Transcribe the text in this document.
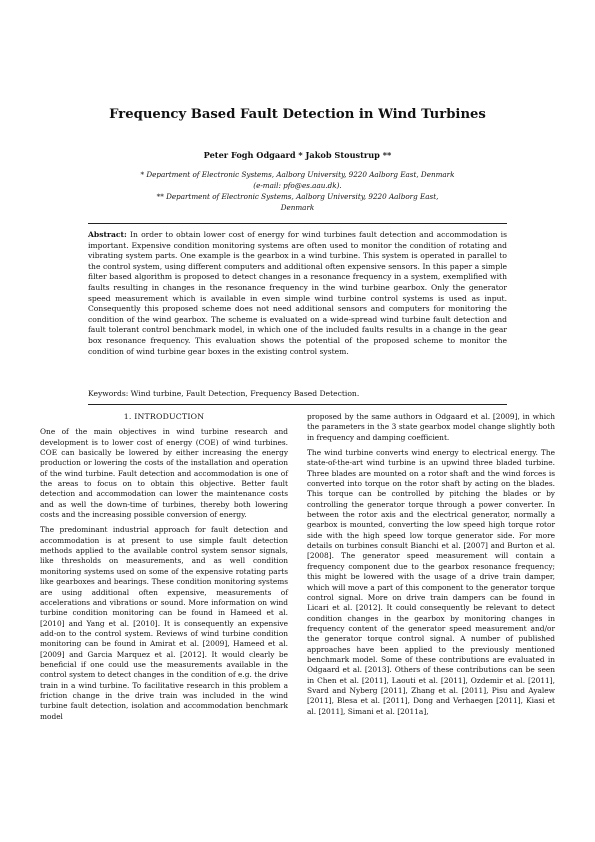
Frequency Based Fault Detection in Wind Turbines
Peter Fogh Odgaard * Jakob Stoustrup **
* Department of Electronic Systems, Aalborg University, 9220 Aalborg East, Denmark (e-mail: pfo@es.aau.dk).
** Department of Electronic Systems, Aalborg University, 9220 Aalborg East, Denmark
Abstract: In order to obtain lower cost of energy for wind turbines fault detection and accommodation is important. Expensive condition monitoring systems are often used to monitor the condition of rotating and vibrating system parts. One example is the gearbox in a wind turbine. This system is operated in parallel to the control system, using different computers and additional often expensive sensors. In this paper a simple filter based algorithm is proposed to detect changes in a resonance frequency in a system, exemplified with faults resulting in changes in the resonance frequency in the wind turbine gearbox. Only the generator speed measurement which is available in even simple wind turbine control systems is used as input. Consequently this proposed scheme does not need additional sensors and computers for monitoring the condition of the wind gearbox. The scheme is evaluated on a wide-spread wind turbine fault detection and fault tolerant control benchmark model, in which one of the included faults results in a change in the gear box resonance frequency. This evaluation shows the potential of the proposed scheme to monitor the condition of wind turbine gear boxes in the existing control system.
Keywords: Wind turbine, Fault Detection, Frequency Based Detection.
1. INTRODUCTION

One of the main objectives in wind turbine research and development is to lower cost of energy (COE) of wind turbines. COE can basically be lowered by either increasing the energy production or lowering the costs of the installation and operation of the wind turbine. Fault detection and accommodation is one of the areas to focus on to obtain this objective. Better fault detection and accommodation can lower the maintenance costs and as well the down-time of turbines, thereby both lowering costs and the increasing possible conversion of energy.

The predominant industrial approach for fault detection and accommodation is at present to use simple fault detection methods applied to the available control system sensor signals, like thresholds on measurements, and as well condition monitoring systems used on some of the expensive rotating parts like gearboxes and bearings. These condition monitoring systems are using additional often expensive, measurements of accelerations and vibrations or sound. More information on wind turbine condition monitoring can be found in Hameed et al. [2010] and Yang et al. [2010]. It is consequently an expensive add-on to the control system. Reviews of wind turbine condition monitoring can be found in Amirat et al. [2009], Hameed et al. [2009] and Garcia Marquez et al. [2012]. It would clearly be beneficial if one could use the measurements available in the control system to detect changes in the condition of e.g. the drive train in a wind turbine. To facilitative research in this problem a friction change in the drive train was included in the wind turbine fault detection, isolation and accommodation benchmark model

proposed by the same authors in Odgaard et al. [2009], in which the parameters in the 3 state gearbox model change slightly both in frequency and damping coefficient.

The wind turbine converts wind energy to electrical energy. The state-of-the-art wind turbine is an upwind three bladed turbine. Three blades are mounted on a rotor shaft and the wind forces is converted into torque on the rotor shaft by acting on the blades. This torque can be controlled by pitching the blades or by controlling the generator torque through a power converter. In between the rotor axis and the electrical generator, normally a gearbox is mounted, converting the low speed high torque rotor side with the high speed low torque generator side. For more details on turbines consult Bianchi et al. [2007] and Burton et al. [2008]. The generator speed measurement will contain a frequency component due to the gearbox resonance frequency; this might be lowered with the usage of a drive train damper, which will move a part of this component to the generator torque control signal. More on drive train dampers can be found in Licari et al. [2012]. It could consequently be relevant to detect condition changes in the gearbox by monitoring changes in frequency content of the generator speed measurement and/or the generator torque control signal. A number of published approaches have been applied to the previously mentioned benchmark model. Some of these contributions are evaluated in Odgaard et al. [2013]. Others of these contributions can be seen in Chen et al. [2011], Laouti et al. [2011], Ozdemir et al. [2011], Svard and Nyberg [2011], Zhang et al. [2011], Pisu and Ayalew [2011], Blesa et al. [2011], Dong and Verhaegen [2011], Kiasi et al. [2011], Simani et al. [2011a],
